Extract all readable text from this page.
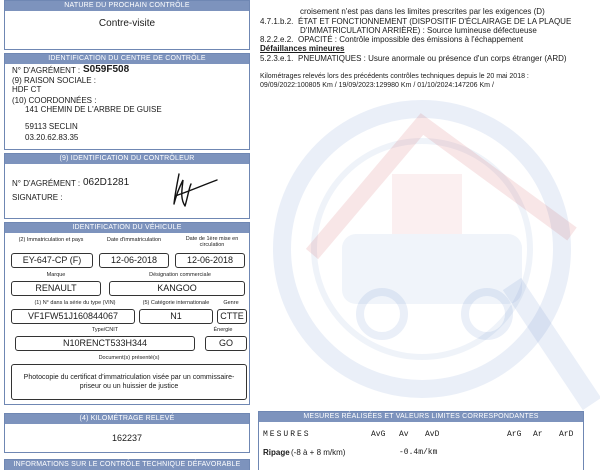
NATURE DU PROCHAIN CONTRÔLE
Contre-visite
IDENTIFICATION DU CENTRE DE CONTRÔLE
N° D'AGRÉMENT : S059F508
(9) RAISON SOCIALE :
HDF CT
(10) COORDONNÉES :
141 CHEMIN DE L'ARBRE DE GUISE
59113 SECLIN
03.20.62.83.35
(9) IDENTIFICATION DU CONTRÔLEUR
N° D'AGRÉMENT : 062D1281
SIGNATURE :
IDENTIFICATION DU VÉHICULE
(2) Immatriculation et pays	Date d'immatriculation	Date de 1ère mise en circulation
EY-647-CP (F)	12-06-2018	12-06-2018
Marque	Désignation commerciale
RENAULT	KANGOO
(1) N° dans la série du type (VIN)	(5) Catégorie internationale	Genre
VF1FW51J160844067	N1	CTTE
Type/CNIT	Énergie
N10RENCT533H344	GO
Document(s) présenté(s)
Photocopie du certificat d'immatriculation visée par un commissaire-priseur ou un huissier de justice
(4) KILOMÉTRAGE RELEVÉ
162237
INFORMATIONS SUR LE CONTRÔLE TECHNIQUE DÉFAVORABLE
croisement n'est pas dans les limites prescrites par les exigences (D)
4.7.1.b.2. ÉTAT ET FONCTIONNEMENT (DISPOSITIF D'ÉCLAIRAGE DE LA PLAQUE
D'IMMATRICULATION ARRIÈRE) : Source lumineuse défectueuse
8.2.2.e.2. OPACITÉ : Contrôle impossible des émissions à l'échappement
Défaillances mineures
5.2.3.e.1. PNEUMATIQUES : Usure anormale ou présence d'un corps étranger (ARD)
Kilométrages relevés lors des précédents contrôles techniques depuis le 20 mai 2018 :
09/09/2022:100805 Km / 19/09/2023:129980 Km / 01/10/2024:147206 Km /
MESURES RÉALISÉES ET VALEURS LIMITES CORRESPONDANTES
MESURES	AvG Av AvD	ArG Ar ArD
Ripage (-8 à + 8 m/km)	-0.4m/km
